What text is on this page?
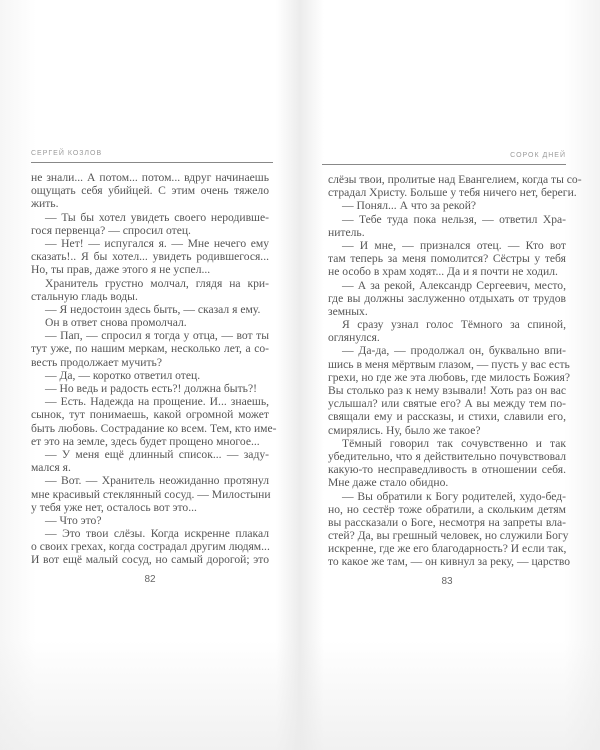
СЕРГЕЙ КОЗЛОВ
не знали... А потом... потом... вдруг начинаешь
ощущать себя убийцей. С этим очень тяжело
жить.
— Ты бы хотел увидеть своего неродивше-
гося первенца? — спросил отец.
— Нет! — испугался я. — Мне нечего ему
сказать!.. Я бы хотел... увидеть родившегося...
Но, ты прав, даже этого я не успел...
Хранитель грустно молчал, глядя на кри-
стальную гладь воды.
— Я недостоин здесь быть, — сказал я ему.
Он в ответ снова промолчал.
— Пап, — спросил я тогда у отца, — вот ты
тут уже, по нашим меркам, несколько лет, а со-
весть продолжает мучить?
— Да, — коротко ответил отец.
— Но ведь и радость есть?! должна быть?!
— Есть. Надежда на прощение. И... знаешь,
сынок, тут понимаешь, какой огромной может
быть любовь. Сострадание ко всем. Тем, кто име-
ет это на земле, здесь будет прощено многое...
— У меня ещё длинный список... — заду-
мался я.
— Вот. — Хранитель неожиданно протянул
мне красивый стеклянный сосуд. — Милостыни
у тебя уже нет, осталось вот это...
— Что это?
— Это твои слёзы. Когда искренне плакал
о своих грехах, когда сострадал другим людям...
И вот ещё малый сосуд, но самый дорогой; это
82
СОРОК ДНЕЙ
слёзы твои, пролитые над Евангелием, когда ты со-
страдал Христу. Больше у тебя ничего нет, береги.
— Понял... А что за рекой?
— Тебе туда пока нельзя, — ответил Хра-
нитель.
— И мне, — признался отец. — Кто вот
там теперь за меня помолится? Сёстры у тебя
не особо в храм ходят... Да и я почти не ходил.
— А за рекой, Александр Сергеевич, место,
где вы должны заслуженно отдыхать от трудов
земных.
Я сразу узнал голос Тёмного за спиной,
оглянулся.
— Да-да, — продолжал он, буквально впи-
шись в меня мёртвым глазом, — пусть у вас есть
грехи, но где же эта любовь, где милость Божия?
Вы столько раз к нему взывали! Хоть раз он вас
услышал? или святые его? А вы между тем по-
свящали ему и рассказы, и стихи, славили его,
смирялись. Ну, было же такое?
Тёмный говорил так сочувственно и так
убедительно, что я действительно почувствовал
какую-то несправедливость в отношении себя.
Мне даже стало обидно.
— Вы обратили к Богу родителей, худо-бед-
но, но сестёр тоже обратили, а скольким детям
вы рассказали о Боге, несмотря на запреты вла-
стей? Да, вы грешный человек, но служили Богу
искренне, где же его благодарность? И если так,
то какое же там, — он кивнул за реку, — царство
83
